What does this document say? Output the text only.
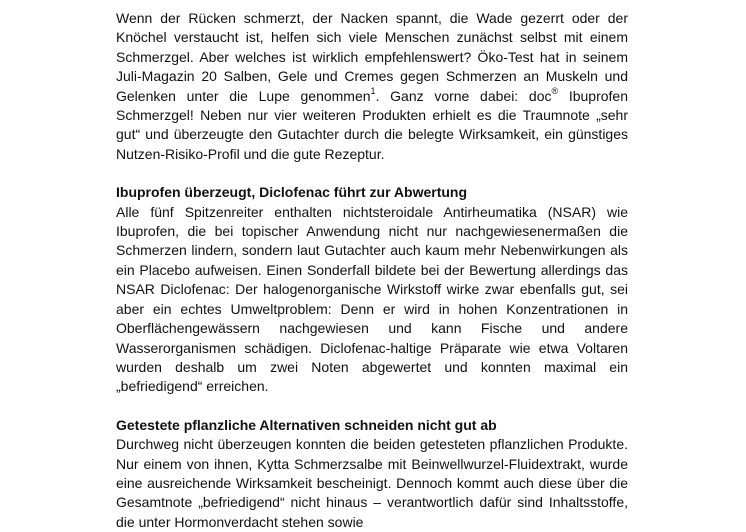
Wenn der Rücken schmerzt, der Nacken spannt, die Wade gezerrt oder der Knöchel verstaucht ist, helfen sich viele Menschen zunächst selbst mit einem Schmerzgel. Aber welches ist wirklich empfehlenswert? Öko-Test hat in seinem Juli-Magazin 20 Salben, Gele und Cremes gegen Schmerzen an Muskeln und Gelenken unter die Lupe genommen$^1$. Ganz vorne dabei: doc® Ibuprofen Schmerzgel! Neben nur vier weiteren Produkten erhielt es die Traumnote „sehr gut“ und überzeugte den Gutachter durch die belegte Wirksamkeit, ein günstiges Nutzen-Risiko-Profil und die gute Rezeptur.

Ibuprofen überzeugt, Diclofenac führt zur Abwertung

Alle fünf Spitzenreiter enthalten nichtsteroidale Antirheumatika (NSAR) wie Ibuprofen, die bei topischer Anwendung nicht nur nachgewiesenermaßen die Schmerzen lindern, sondern laut Gutachter auch kaum mehr Nebenwirkungen als ein Placebo aufweisen. Einen Sonderfall bildete bei der Bewertung allerdings das NSAR Diclofenac: Der halogenorganische Wirkstoff wirke zwar ebenfalls gut, sei aber ein echtes Umweltproblem: Denn er wird in hohen Konzentrationen in Oberflächengewässern nachgewiesen und kann Fische und andere Wasserorganismen schädigen. Diclofenac-haltige Präparate wie etwa Voltaren wurden deshalb um zwei Noten abgewertet und konnten maximal ein „befriedigend“ erreichen.

Getestete pflanzliche Alternativen schneiden nicht gut ab

Durchweg nicht überzeugen konnten die beiden getesteten pflanzlichen Produkte. Nur einem von ihnen, Kytta Schmerzsalbe mit Beinwellwurzel-Fluidextrakt, wurde eine ausreichende Wirksamkeit bescheinigt. Dennoch kommt auch diese über die Gesamtnote „befriedigend“ nicht hinaus – verantwortlich dafür sind Inhaltsstoffe, die unter Hormonverdacht stehen sowie
